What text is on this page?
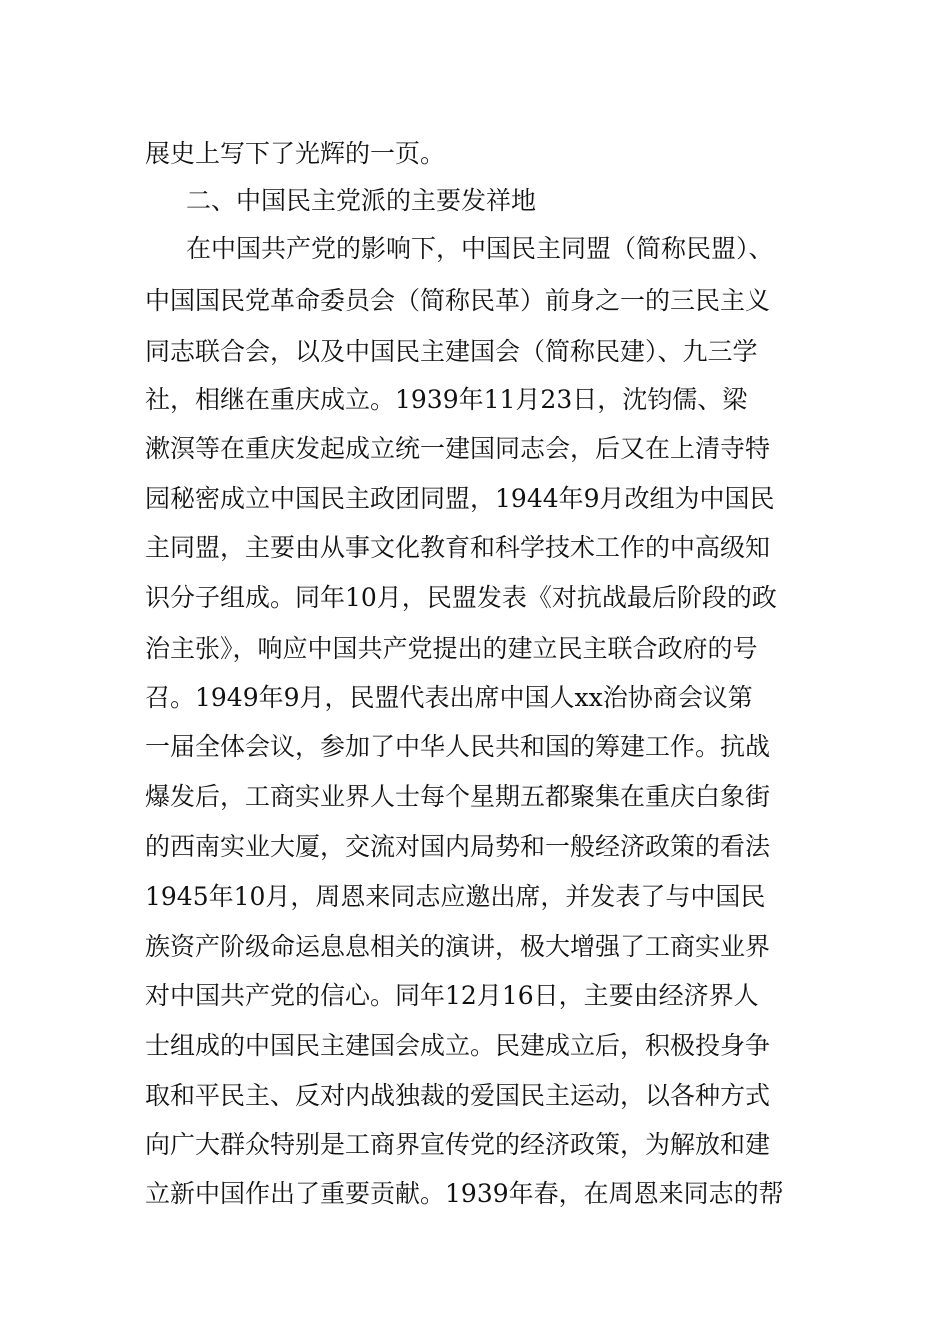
展史上写下了光辉的一页。
二、中国民主党派的主要发祥地
在中国共产党的影响下，中国民主同盟（简称民盟）、
中国国民党革命委员会（简称民革）前身之一的三民主义
同志联合会，以及中国民主建国会（简称民建）、九三学
社，相继在重庆成立。1939年11月23日，沈钧儒、梁
漱溟等在重庆发起成立统一建国同志会，后又在上清寺特
园秘密成立中国民主政团同盟，1944年9月改组为中国民
主同盟，主要由从事文化教育和科学技术工作的中高级知
识分子组成。同年10月，民盟发表《对抗战最后阶段的政
治主张》，响应中国共产党提出的建立民主联合政府的号
召。1949年9月，民盟代表出席中国人xx治协商会议第
一届全体会议，参加了中华人民共和国的筹建工作。抗战
爆发后，工商实业界人士每个星期五都聚集在重庆白象街
的西南实业大厦，交流对国内局势和一般经济政策的看法
1945年10月，周恩来同志应邀出席，并发表了与中国民
族资产阶级命运息息相关的演讲，极大增强了工商实业界
对中国共产党的信心。同年12月16日，主要由经济界人
士组成的中国民主建国会成立。民建成立后，积极投身争
取和平民主、反对内战独裁的爱国民主运动，以各种方式
向广大群众特别是工商界宣传党的经济政策，为解放和建
立新中国作出了重要贡献。1939年春，在周恩来同志的帮
